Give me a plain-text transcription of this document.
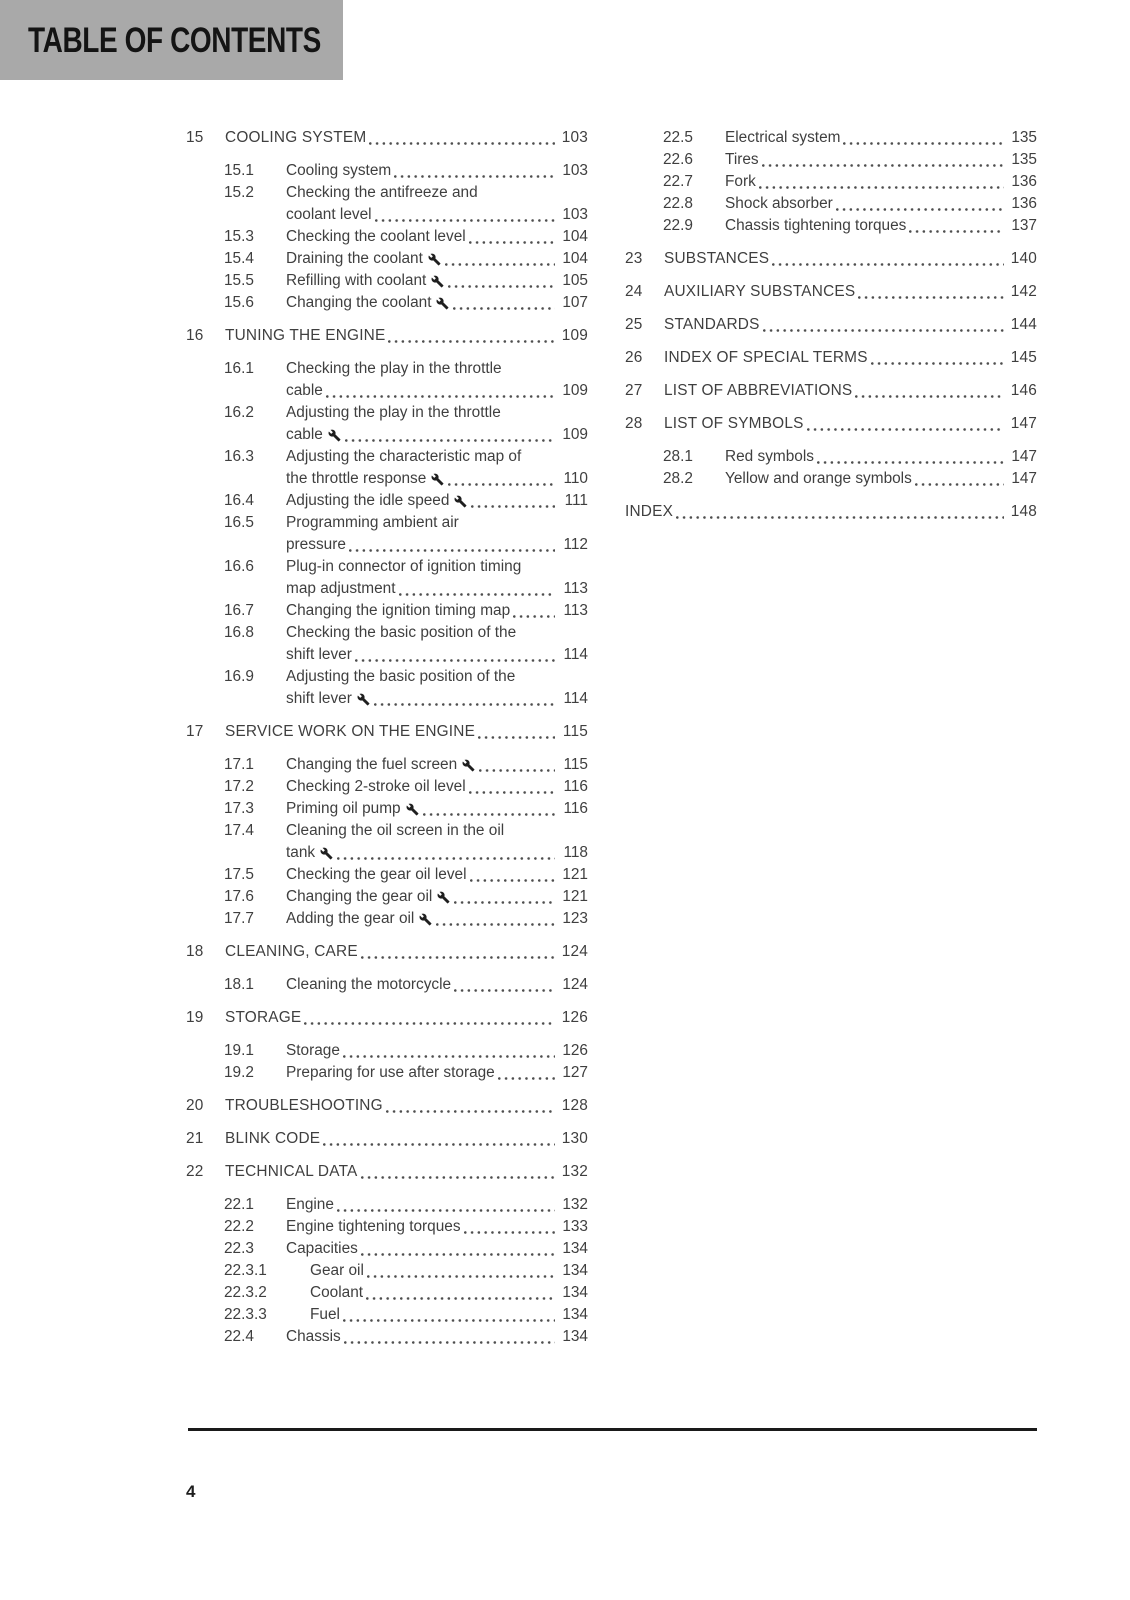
TABLE OF CONTENTS
15	COOLING SYSTEM	103
15.1	Cooling system	103
15.2	Checking the antifreeze and
coolant level	103
15.3	Checking the coolant level	104
15.4	Draining the coolant	104
15.5	Refilling with coolant	105
15.6	Changing the coolant	107
16	TUNING THE ENGINE	109
16.1	Checking the play in the throttle
cable	109
16.2	Adjusting the play in the throttle
cable	109
16.3	Adjusting the characteristic map of
the throttle response	110
16.4	Adjusting the idle speed	111
16.5	Programming ambient air
pressure	112
16.6	Plug-in connector of ignition timing
map adjustment	113
16.7	Changing the ignition timing map	113
16.8	Checking the basic position of the
shift lever	114
16.9	Adjusting the basic position of the
shift lever	114
17	SERVICE WORK ON THE ENGINE	115
17.1	Changing the fuel screen	115
17.2	Checking 2-stroke oil level	116
17.3	Priming oil pump	116
17.4	Cleaning the oil screen in the oil
tank	118
17.5	Checking the gear oil level	121
17.6	Changing the gear oil	121
17.7	Adding the gear oil	123
18	CLEANING, CARE	124
18.1	Cleaning the motorcycle	124
19	STORAGE	126
19.1	Storage	126
19.2	Preparing for use after storage	127
20	TROUBLESHOOTING	128
21	BLINK CODE	130
22	TECHNICAL DATA	132
22.1	Engine	132
22.2	Engine tightening torques	133
22.3	Capacities	134
22.3.1	Gear oil	134
22.3.2	Coolant	134
22.3.3	Fuel	134
22.4	Chassis	134
22.5	Electrical system	135
22.6	Tires	135
22.7	Fork	136
22.8	Shock absorber	136
22.9	Chassis tightening torques	137
23	SUBSTANCES	140
24	AUXILIARY SUBSTANCES	142
25	STANDARDS	144
26	INDEX OF SPECIAL TERMS	145
27	LIST OF ABBREVIATIONS	146
28	LIST OF SYMBOLS	147
28.1	Red symbols	147
28.2	Yellow and orange symbols	147
INDEX	148
4
